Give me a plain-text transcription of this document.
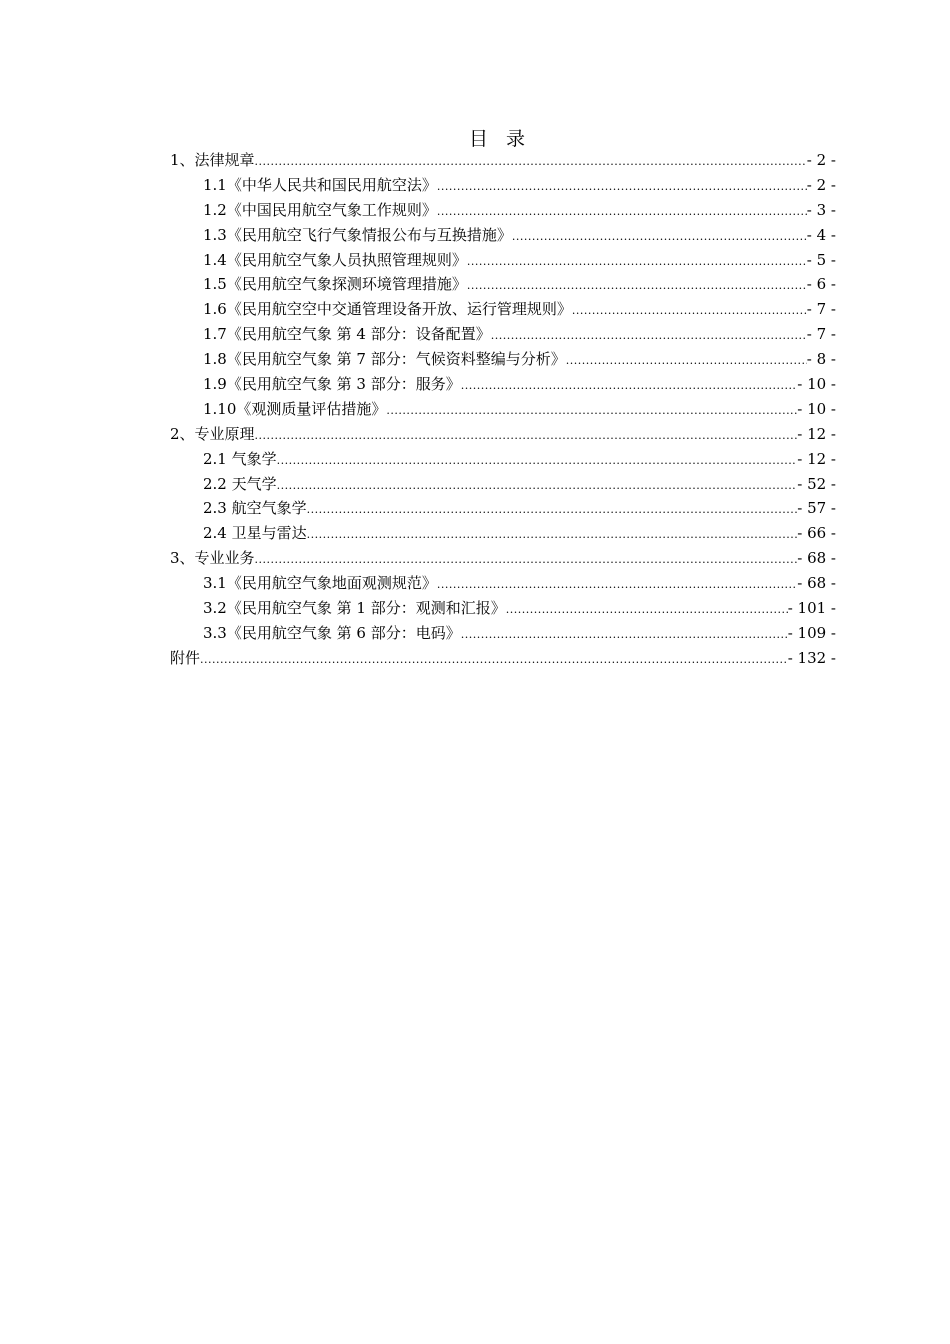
目 录
1、法律规章 .....	- 2 -
1.1《中华人民共和国民用航空法》 .....	- 2 -
1.2《中国民用航空气象工作规则》 .....	- 3 -
1.3《民用航空飞行气象情报公布与互换措施》 .....	- 4 -
1.4《民用航空气象人员执照管理规则》 .....	- 5 -
1.5《民用航空气象探测环境管理措施》 .....	- 6 -
1.6《民用航空空中交通管理设备开放、运行管理规则》 .....	- 7 -
1.7《民用航空气象 第 4 部分：设备配置》 .....	- 7 -
1.8《民用航空气象 第 7 部分：气候资料整编与分析》 .....	- 8 -
1.9《民用航空气象 第 3 部分：服务》 .....	- 10 -
1.10《观测质量评估措施》 .....	- 10 -
2、专业原理 .....	- 12 -
2.1 气象学 .....	- 12 -
2.2 天气学 .....	- 52 -
2.3 航空气象学 .....	- 57 -
2.4 卫星与雷达 .....	- 66 -
3、专业业务 .....	- 68 -
3.1《民用航空气象地面观测规范》 .....	- 68 -
3.2《民用航空气象 第 1 部分：观测和汇报》 .....	- 101 -
3.3《民用航空气象 第 6 部分：电码》 .....	- 109 -
附件 .....	- 132 -
